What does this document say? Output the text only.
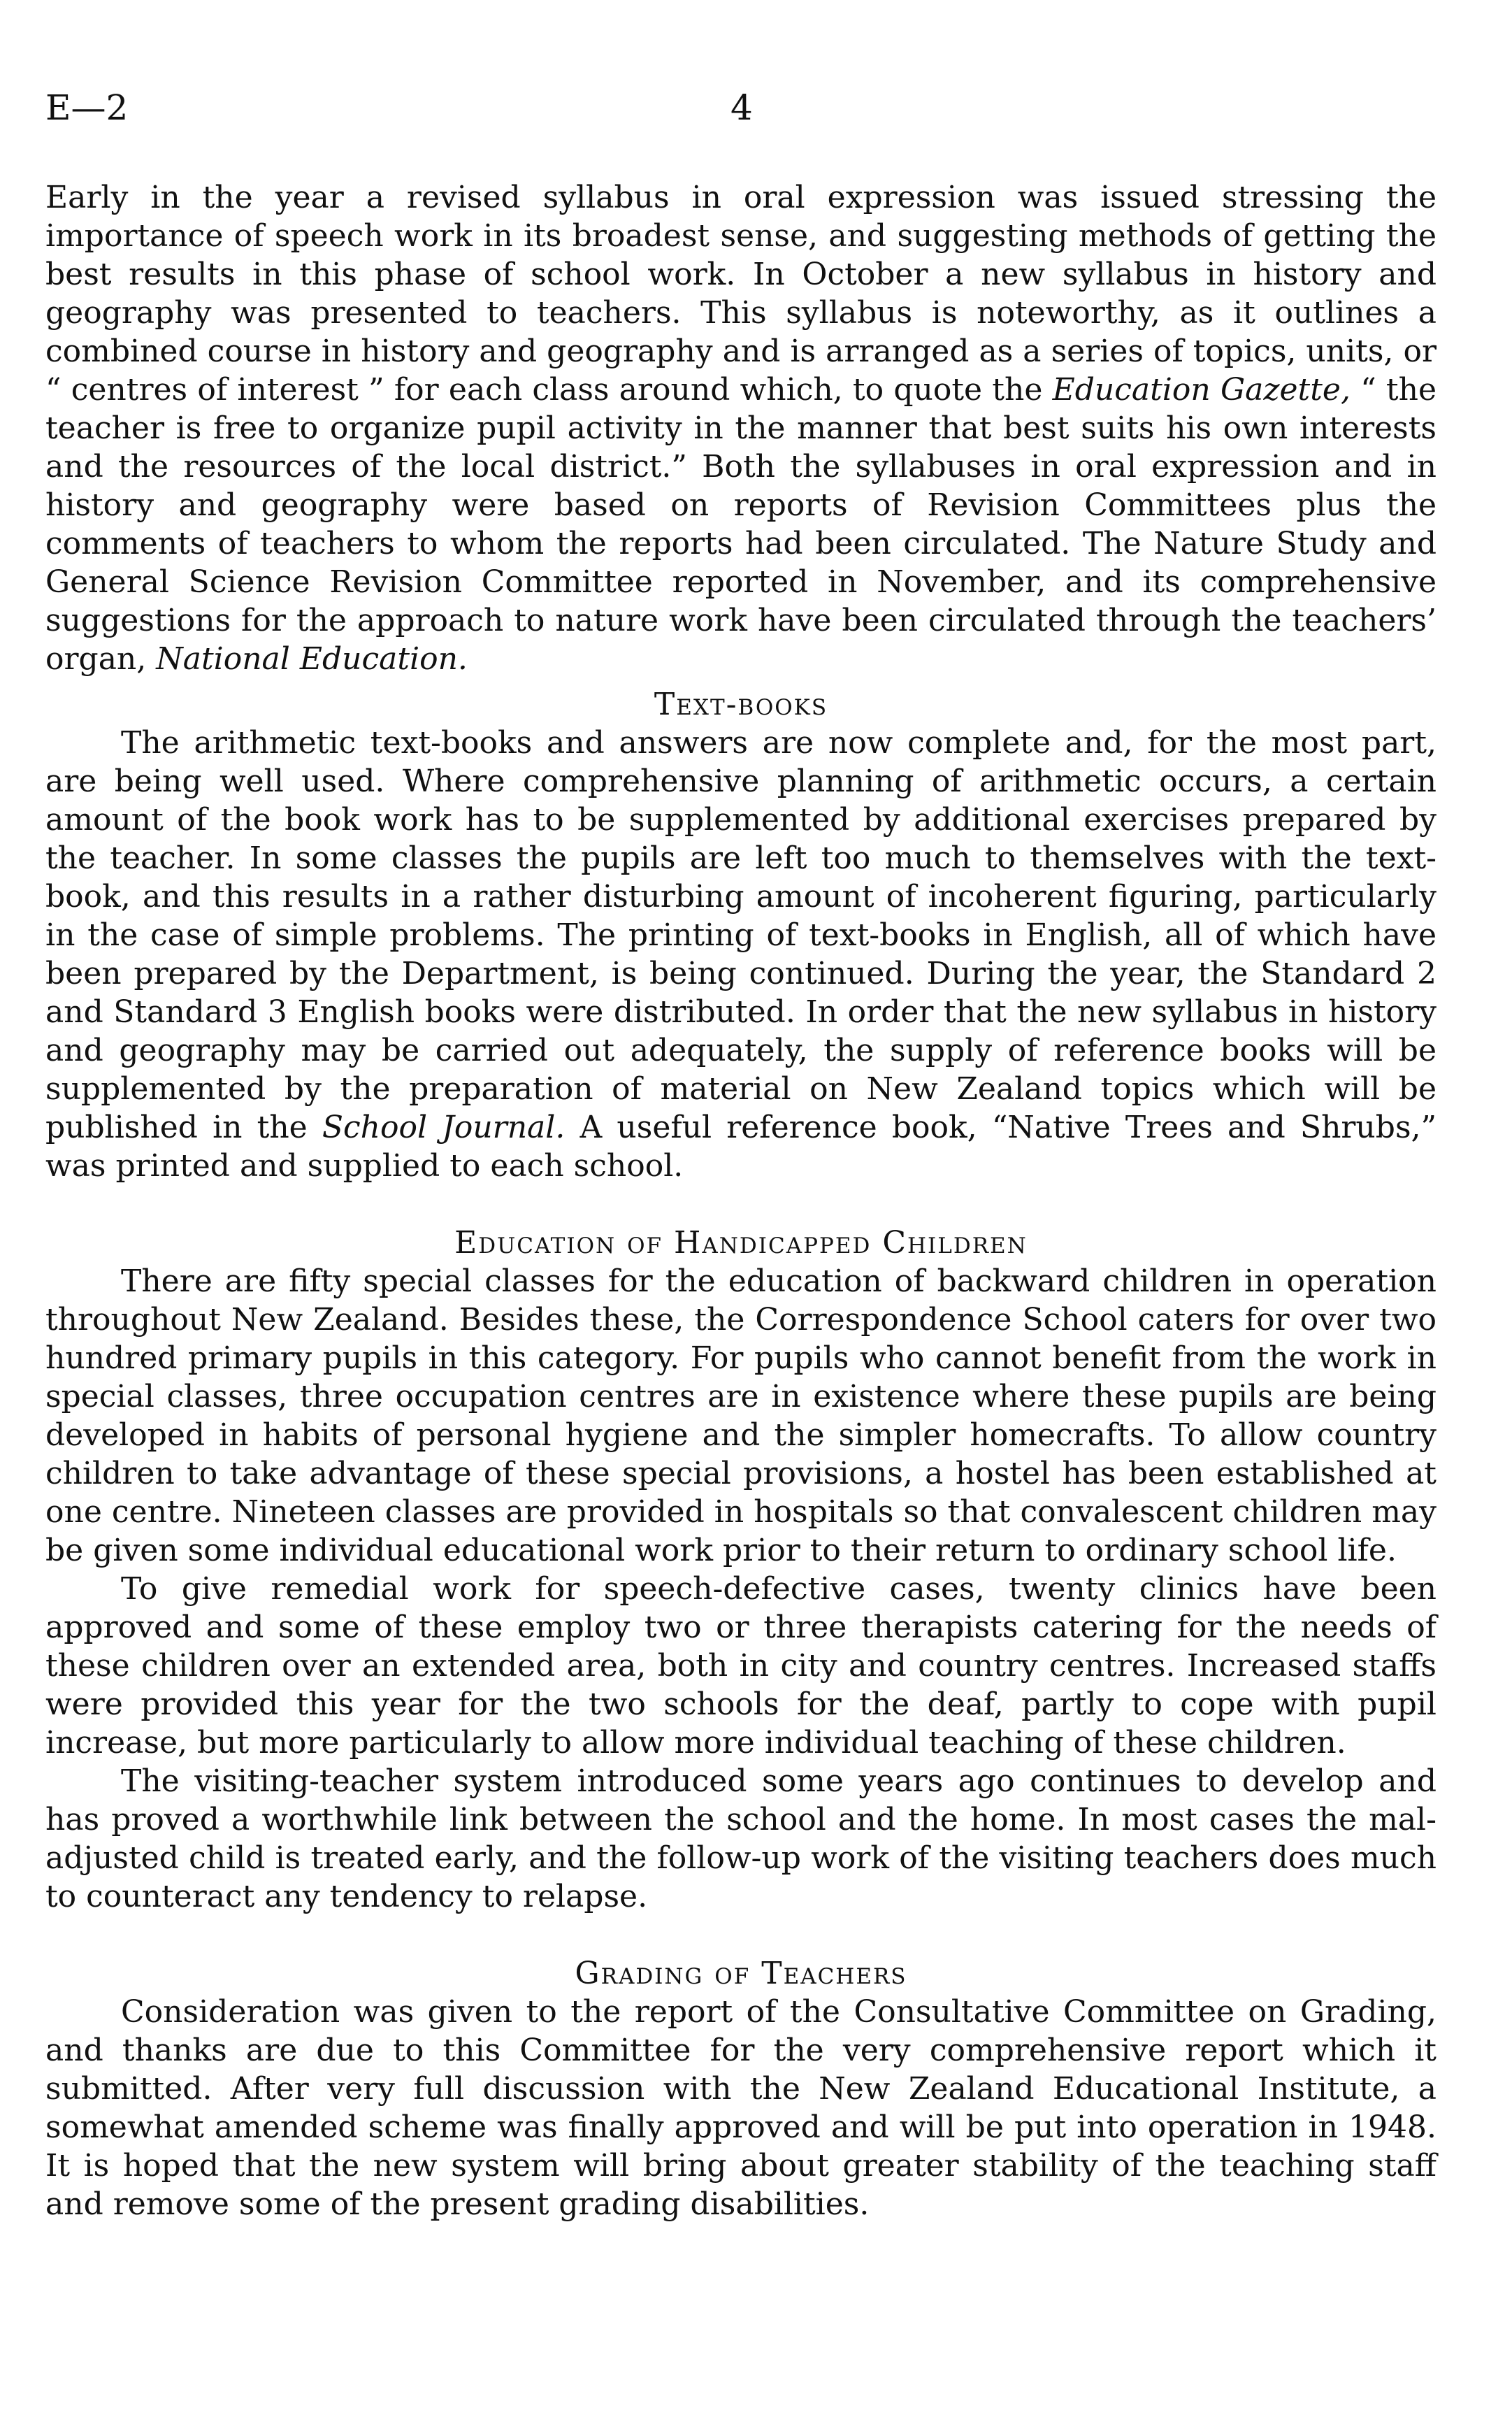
E—2	4

Early in the year a revised syllabus in oral expression was issued stressing the importance of speech work in its broadest sense, and suggesting methods of getting the best results in this phase of school work. In October a new syllabus in history and geography was presented to teachers. This syllabus is noteworthy, as it outlines a combined course in history and geography and is arranged as a series of topics, units, or “ centres of interest ” for each class around which, to quote the Education Gazette, “ the teacher is free to organize pupil activity in the manner that best suits his own interests and the resources of the local district.” Both the syllabuses in oral expression and in history and geography were based on reports of Revision Committees plus the comments of teachers to whom the reports had been circulated. The Nature Study and General Science Revision Committee reported in November, and its comprehensive suggestions for the approach to nature work have been circulated through the teachers’ organ, National Education.

Text-books

The arithmetic text-books and answers are now complete and, for the most part, are being well used. Where comprehensive planning of arithmetic occurs, a certain amount of the book work has to be supplemented by additional exercises prepared by the teacher. In some classes the pupils are left too much to themselves with the text-book, and this results in a rather disturbing amount of incoherent figuring, particularly in the case of simple problems. The printing of text-books in English, all of which have been prepared by the Department, is being continued. During the year, the Standard 2 and Standard 3 English books were distributed. In order that the new syllabus in history and geography may be carried out adequately, the supply of reference books will be supplemented by the preparation of material on New Zealand topics which will be published in the School Journal. A useful reference book, “Native Trees and Shrubs,” was printed and supplied to each school.

Education of Handicapped Children

There are fifty special classes for the education of backward children in operation throughout New Zealand. Besides these, the Correspondence School caters for over two hundred primary pupils in this category. For pupils who cannot benefit from the work in special classes, three occupation centres are in existence where these pupils are being developed in habits of personal hygiene and the simpler homecrafts. To allow country children to take advantage of these special provisions, a hostel has been established at one centre. Nineteen classes are provided in hospitals so that convalescent children may be given some individual educational work prior to their return to ordinary school life.

To give remedial work for speech-defective cases, twenty clinics have been approved and some of these employ two or three therapists catering for the needs of these children over an extended area, both in city and country centres. Increased staffs were provided this year for the two schools for the deaf, partly to cope with pupil increase, but more particularly to allow more individual teaching of these children.

The visiting-teacher system introduced some years ago continues to develop and has proved a worthwhile link between the school and the home. In most cases the mal-adjusted child is treated early, and the follow-up work of the visiting teachers does much to counteract any tendency to relapse.

Grading of Teachers

Consideration was given to the report of the Consultative Committee on Grading, and thanks are due to this Committee for the very comprehensive report which it submitted. After very full discussion with the New Zealand Educational Institute, a somewhat amended scheme was finally approved and will be put into operation in 1948. It is hoped that the new system will bring about greater stability of the teaching staff and remove some of the present grading disabilities.
